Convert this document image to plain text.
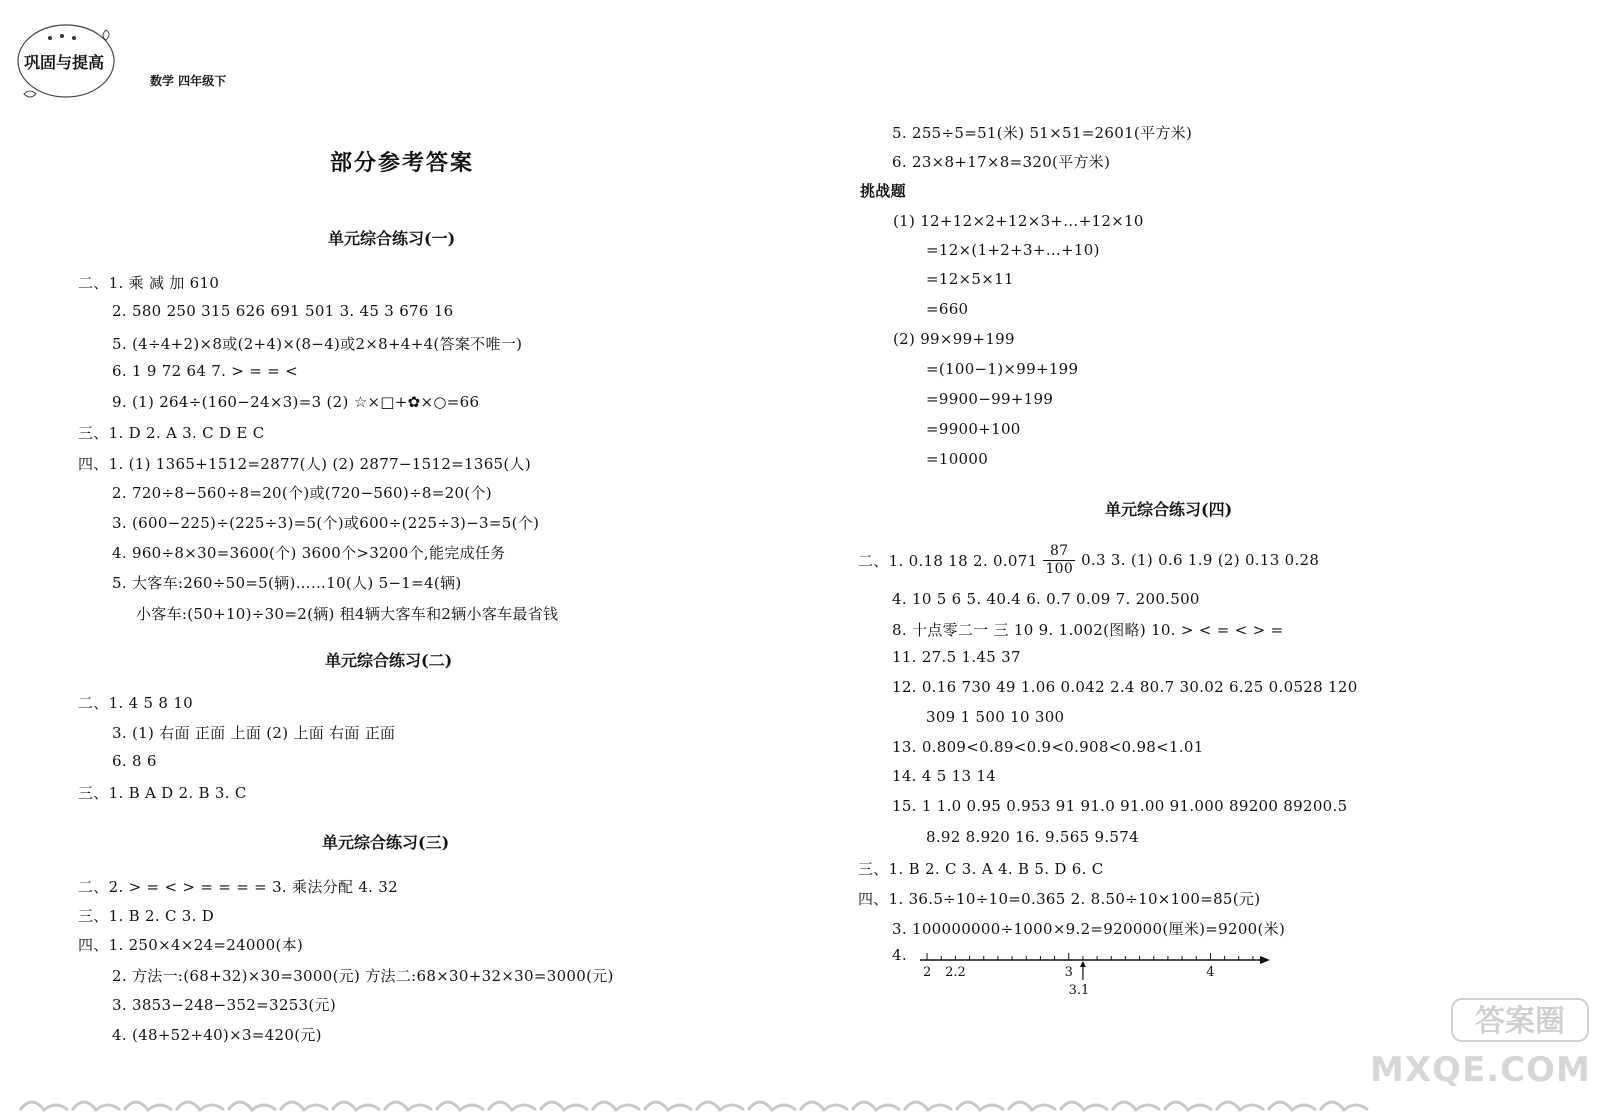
巩固与提高
数学 四年级下
部分参考答案
单元综合练习(一)
二、1. 乘 减 加 610
2. 580 250 315 626 691 501 3. 45 3 676 16
5. (4÷4+2)×8或(2+4)×(8−4)或2×8+4+4(答案不唯一)
6. 1 9 72 64 7. > = = <
9. (1) 264÷(160−24×3)=3 (2) ☆×□+✿×○=66
三、1. D 2. A 3. C D E C
四、1. (1) 1365+1512=2877(人) (2) 2877−1512=1365(人)
2. 720÷8−560÷8=20(个)或(720−560)÷8=20(个)
3. (600−225)÷(225÷3)=5(个)或600÷(225÷3)−3=5(个)
4. 960÷8×30=3600(个) 3600个>3200个,能完成任务
5. 大客车:260÷50=5(辆)……10(人) 5−1=4(辆)
小客车:(50+10)÷30=2(辆) 租4辆大客车和2辆小客车最省钱
单元综合练习(二)
二、1. 4 5 8 10
3. (1) 右面 正面 上面 (2) 上面 右面 正面
6. 8 6
三、1. B A D 2. B 3. C
单元综合练习(三)
二、2. > = < > = = = = 3. 乘法分配 4. 32
三、1. B 2. C 3. D
四、1. 250×4×24=24000(本)
2. 方法一:(68+32)×30=3000(元) 方法二:68×30+32×30=3000(元)
3. 3853−248−352=3253(元)
4. (48+52+40)×3=420(元)
5. 255÷5=51(米) 51×51=2601(平方米)
6. 23×8+17×8=320(平方米)
挑战题
(1) 12+12×2+12×3+…+12×10
=12×(1+2+3+…+10)
=12×5×11
=660
(2) 99×99+199
=(100−1)×99+199
=9900−99+199
=9900+100
=10000
单元综合练习(四)
二、1. 0.18 18 2. $0.071 \frac{87}{100} 0.3$ 3. (1) 0.6 1.9 (2) 0.13 0.28
4. 10 5 6 5. 40.4 6. 0.7 0.09 7. 200.500
8. 十点零二一 三 10 9. 1.002(图略) 10. > < = < > =
11. 27.5 1.45 37
12. 0.16 730 49 1.06 0.042 2.4 80.7 30.02 6.25 0.0528 120
309 1 500 10 300
13. 0.809<0.89<0.9<0.908<0.98<1.01
14. 4 5 13 14
15. 1 1.0 0.95 0.953 91 91.0 91.00 91.000 89200 89200.5
8.92 8.920 16. 9.565 9.574
三、1. B 2. C 3. A 4. B 5. D 6. C
四、1. 36.5÷10÷10=0.365 2. 8.50÷10×100=85(元)
3. 100000000÷1000×9.2=920000(厘米)=9200(米)
4.
2 2.2	3
3.1
4
答案圈
MXQE.COM
